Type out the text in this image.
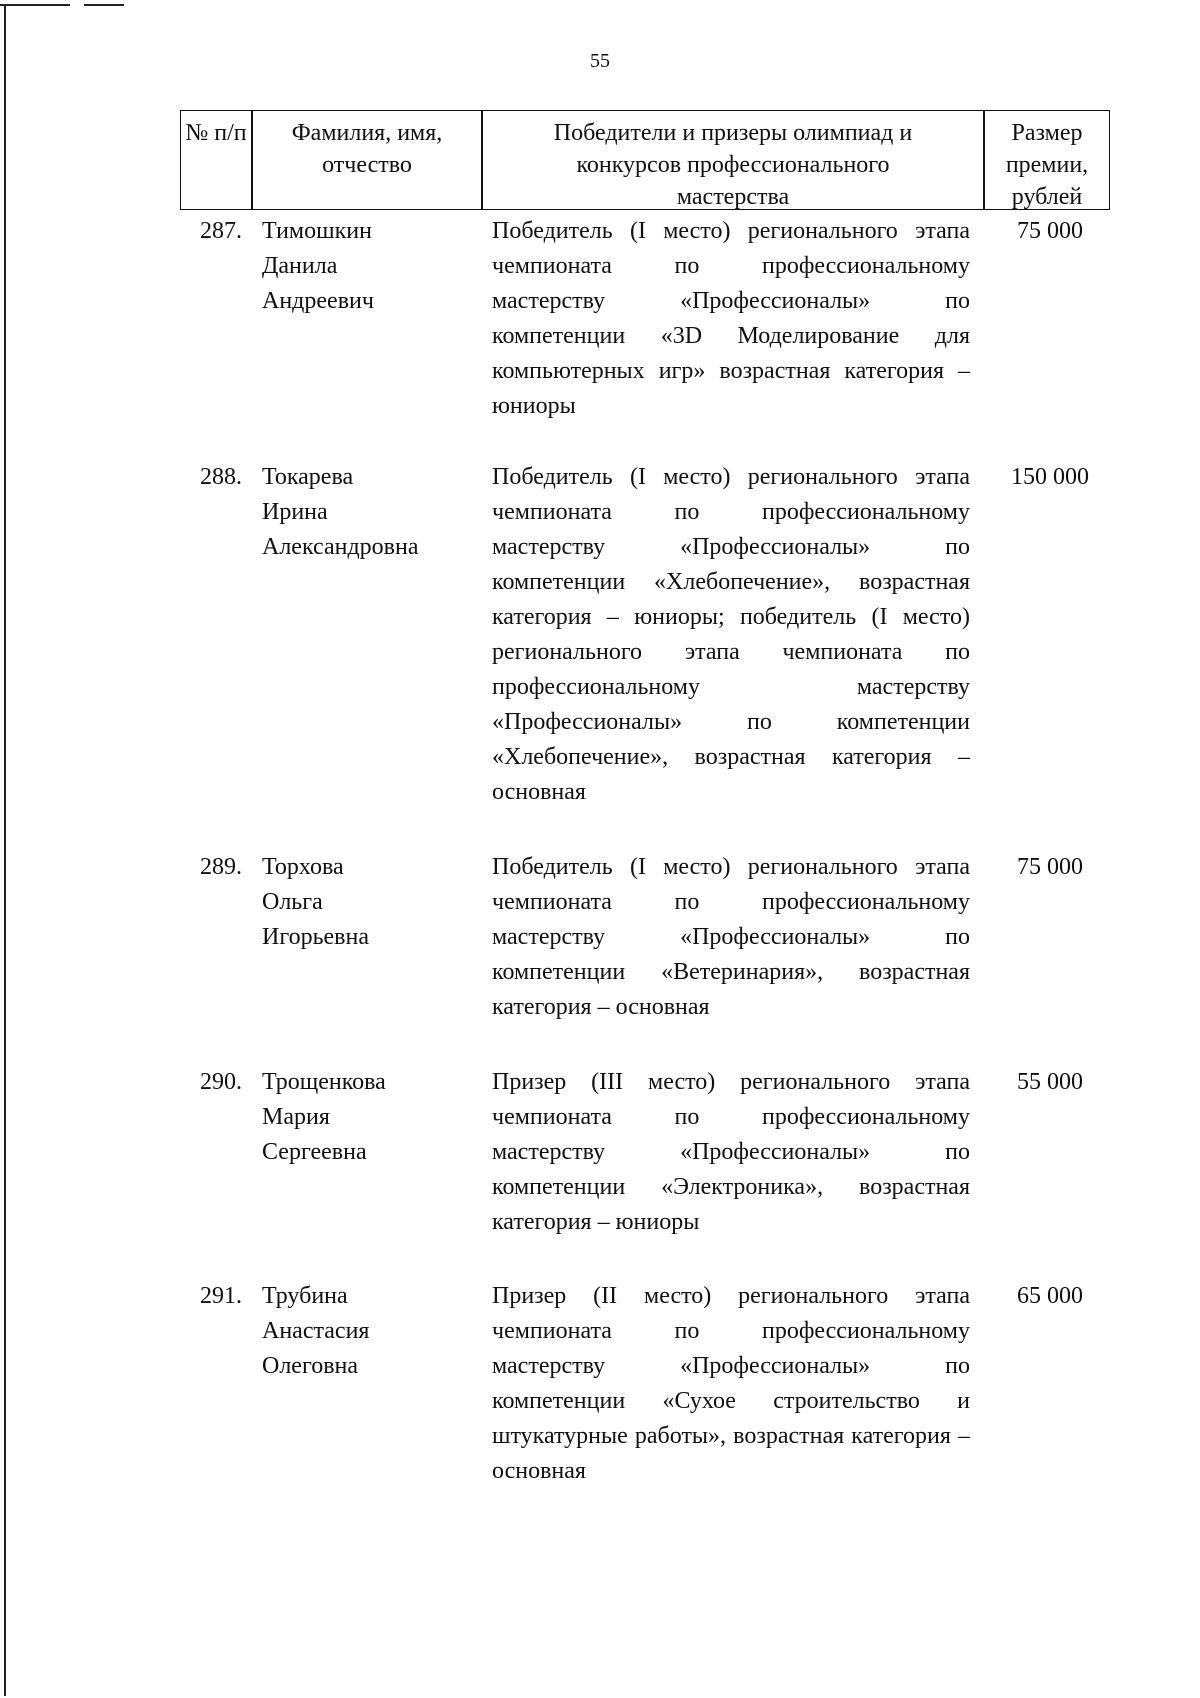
55
№ п/п	Фамилия, имя, отчество
Победители и призеры олимпиад и конкурсов профессионального мастерства
Размер премии, рублей
287. Тимошкин
Данила
Андреевич
Победитель (I место) регионального этапа чемпионата по профессиональному мастерству «Профессионалы» по компетенции «3D Моделирование для компьютерных игр» возрастная категория – юниоры
75 000
288. Токарева
Ирина
Александровна
Победитель (I место) регионального этапа чемпионата по профессиональному мастерству «Профессионалы» по компетенции «Хлебопечение», возрастная категория – юниоры; победитель (I место) регионального этапа чемпионата по профессиональному мастерству «Профессионалы» по компетенции «Хлебопечение», возрастная категория – основная
150 000
289. Торхова
Ольга
Игорьевна
Победитель (I место) регионального этапа чемпионата по профессиональному мастерству «Профессионалы» по компетенции «Ветеринария», возрастная категория – основная
75 000
290. Трощенкова
Мария
Сергеевна
Призер (III место) регионального этапа чемпионата по профессиональному мастерству «Профессионалы» по компетенции «Электроника», возрастная категория – юниоры
55 000
291. Трубина
Анастасия
Олеговна
Призер (II место) регионального этапа чемпионата по профессиональному мастерству «Профессионалы» по компетенции «Сухое строительство и штукатурные работы», возрастная категория – основная
65 000
